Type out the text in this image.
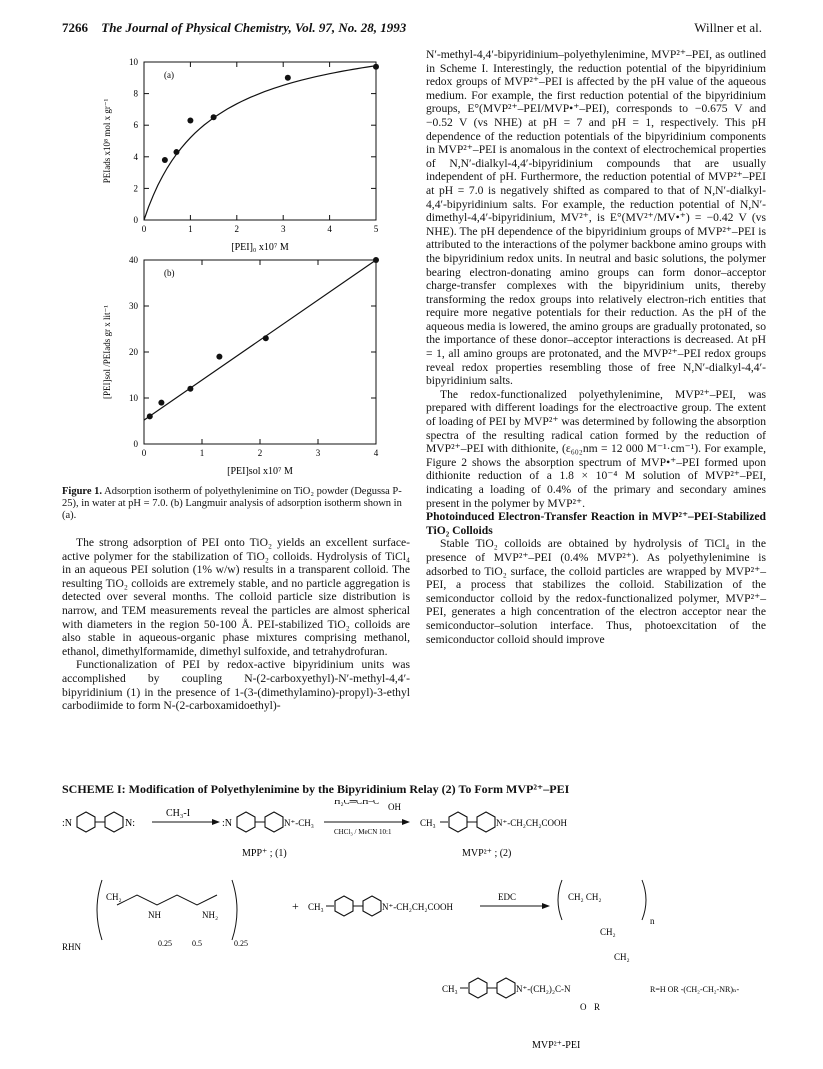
7266 The Journal of Physical Chemistry, Vol. 97, No. 28, 1993	Willner et al.
0	1	2	3	4	5
0
2
4
6
8
10
(a)
[PEI]₀ x10⁷ M
PEIads x10⁸ mol x gr⁻¹
0	1	2	3	4
0
10
20
30
40
(b)
[PEI]sol x10⁷ M
[PEI]sol /PEIads gr x lit⁻¹
Figure 1. Adsorption isotherm of polyethylenimine on TiO₂ powder (Degussa P-25), in water at pH = 7.0. (b) Langmuir analysis of adsorption isotherm shown in (a).

The strong adsorption of PEI onto TiO₂ yields an excellent surface-active polymer for the stabilization of TiO₂ colloids. Hydrolysis of TiCl₄ in an aqueous PEI solution (1% w/w) results in a transparent colloid. The resulting TiO₂ colloids are extremely stable, and no particle aggregation is detected over several months. The colloid particle size distribution is narrow, and TEM measurements reveal the particles are almost spherical with diameters in the region 50-100 Å. PEI-stabilized TiO₂ colloids are also stable in aqueous-organic phase mixtures comprising methanol, ethanol, dimethylformamide, dimethyl sulfoxide, and tetrahydrofuran.

Functionalization of PEI by redox-active bipyridinium units was accomplished by coupling N-(2-carboxyethyl)-N′-methyl-4,4′-bipyridinium (1) in the presence of 1-(3-(dimethylamino)-propyl)-3-ethyl carbodiimide to form N-(2-carboxamidoethyl)-

N′-methyl-4,4′-bipyridinium–polyethylenimine, MVP²⁺–PEI, as outlined in Scheme I. Interestingly, the reduction potential of the bipyridinium redox groups of MVP²⁺–PEI is affected by the pH value of the aqueous medium. For example, the first reduction potential of the bipyridinium groups, E°(MVP²⁺–PEI/MVP•⁺–PEI), corresponds to −0.675 V and −0.52 V (vs NHE) at pH = 7 and pH = 1, respectively. This pH dependence of the reduction potentials of the bipyridinium components in MVP²⁺–PEI is anomalous in the context of electrochemical properties of N,N′-dialkyl-4,4′-bipyridinium compounds that are usually independent of pH. Furthermore, the reduction potential of MVP²⁺–PEI at pH = 7.0 is negatively shifted as compared to that of N,N′-dialkyl-4,4′-bipyridinium salts. For example, the reduction potential of N,N′-dimethyl-4,4′-bipyridinium, MV²⁺, is E°(MV²⁺/MV•⁺) = −0.42 V (vs NHE). The pH dependence of the bipyridinium groups of MVP²⁺–PEI is attributed to the interactions of the polymer backbone amino groups with the bipyridinium redox units. In neutral and basic solutions, the polymer bearing electron-donating amino groups can form donor–acceptor charge-transfer complexes with the bipyridinium units, thereby transforming the redox groups into relatively electron-rich entities that require more negative potentials for their reduction. As the pH of the aqueous media is lowered, the amino groups are gradually protonated, so the importance of these donor–acceptor interactions is decreased. At pH = 1, all amino groups are protonated, and the MVP²⁺–PEI redox groups reveal redox properties resembling those of free N,N′-dialkyl-4,4′-bipyridinium salts.

The redox-functionalized polyethylenimine, MVP²⁺–PEI, was prepared with different loadings for the electroactive group. The extent of loading of PEI by MVP²⁺ was determined by following the absorption spectra of the resulting radical cation formed by the reduction of MVP²⁺–PEI with dithionite, (ε₆₀₂nm = 12 000 M⁻¹·cm⁻¹). For example, Figure 2 shows the absorption spectrum of MVP•⁺–PEI formed upon dithionite reduction of a 1.8 × 10⁻⁴ M solution of MVP²⁺–PEI, indicating a loading of 0.4% of the primary and secondary amines present in the polymer by MVP²⁺.

Photoinduced Electron-Transfer Reaction in MVP²⁺–PEI-Stabilized TiO₂ Colloids

Stable TiO₂ colloids are obtained by hydrolysis of TiCl₄ in the presence of MVP²⁺–PEI (0.4% MVP²⁺). As polyethylenimine is adsorbed to TiO₂ surface, the colloid particles are wrapped by MVP²⁺–PEI, a process that stabilizes the colloid. Stabilization of the semiconductor colloid by the redox-functionalized polymer, MVP²⁺–PEI, generates a high concentration of the electron acceptor near the semiconductor–solution interface. Thus, photoexcitation of the semiconductor colloid should improve

SCHEME I: Modification of Polyethylenimine by the Bipyridinium Relay (2) To Form MVP²⁺–PEI
:N	N:
CH₃-I
:N	N⁺-CH₃
MPP⁺ ; (1)
H₂C═CH–C
OH
CHCl₃ / MeCN 10:1
CH₃	N⁺-CH₂CH₂COOH
MVP²⁺ ; (2)
CH₂
NH	NH₂
RHN	0.25	0.5	0.25
+ CH₃	N⁺-CH₂CH₂COOH
EDC	CH₂ CH₂
n
CH₂
CH₂
CH₃	N⁺-(CH₂)₂C-N
O R
R=H OR -(CH₂-CH₂-NR)ₙ-
MVP²⁺-PEI
